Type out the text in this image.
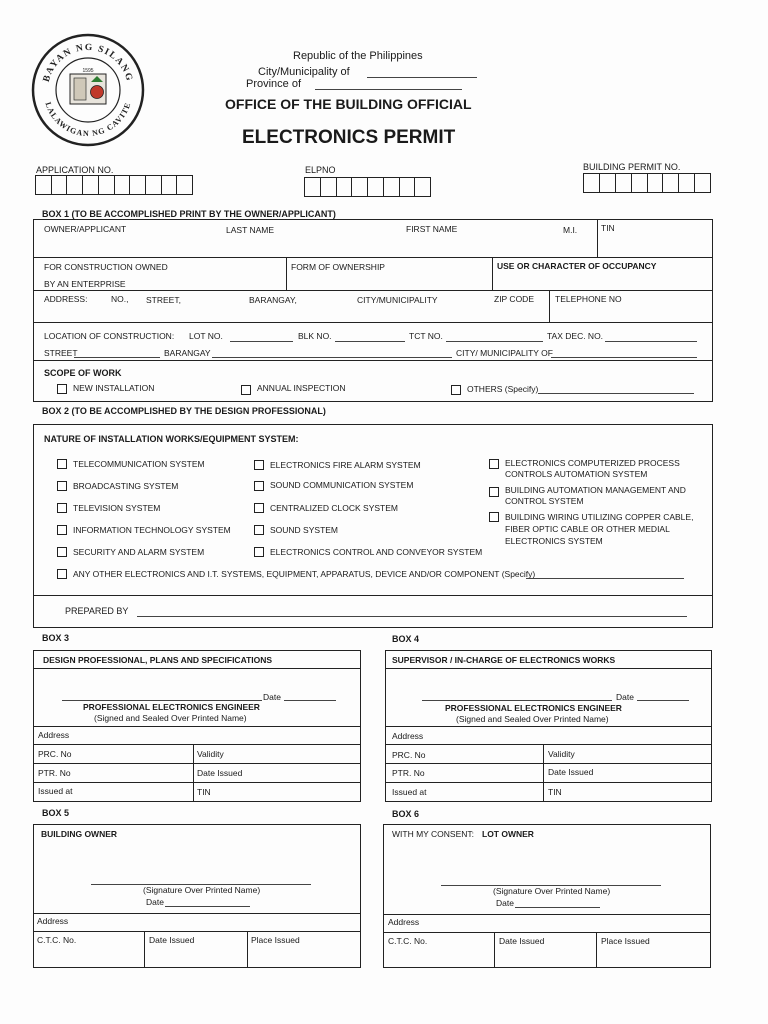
BAYAN NG SILANG
LALAWIGAN NG CAVITE
1595
Republic of the Philippines
City/Municipality of
Province of
OFFICE OF THE BUILDING OFFICIAL
ELECTRONICS PERMIT
APPLICATION NO.	ELPNO	BUILDING PERMIT NO.
BOX 1 (TO BE ACCOMPLISHED PRINT BY THE OWNER/APPLICANT)
OWNER/APPLICANT	LAST NAME	FIRST NAME	M.I.	TIN
FOR CONSTRUCTION OWNED
BY AN ENTERPRISE
FORM OF OWNERSHIP	USE OR CHARACTER OF OCCUPANCY
ADDRESS:	NO., STREET,	BARANGAY,	CITY/MUNICIPALITY	ZIP CODE TELEPHONE NO
LOCATION OF CONSTRUCTION: LOT NO.	BLK NO.	TCT NO.	TAX DEC. NO.
STREET	BARANGAY	CITY/ MUNICIPALITY OF
SCOPE OF WORK
NEW INSTALLATION	ANNUAL INSPECTION	OTHERS (Specify)
BOX 2 (TO BE ACCOMPLISHED BY THE DESIGN PROFESSIONAL)
NATURE OF INSTALLATION WORKS/EQUIPMENT SYSTEM:
TELECOMMUNICATION SYSTEM
BROADCASTING SYSTEM
TELEVISION SYSTEM
INFORMATION TECHNOLOGY SYSTEM
SECURITY AND ALARM SYSTEM
ELECTRONICS FIRE ALARM SYSTEM
SOUND COMMUNICATION SYSTEM
CENTRALIZED CLOCK SYSTEM
SOUND SYSTEM
ELECTRONICS CONTROL AND CONVEYOR SYSTEM
ELECTRONICS COMPUTERIZED PROCESS
CONTROLS AUTOMATION SYSTEM
BUILDING AUTOMATION MANAGEMENT AND
CONTROL SYSTEM
BUILDING WIRING UTILIZING COPPER CABLE,
FIBER OPTIC CABLE OR OTHER MEDIAL
ELECTRONICS SYSTEM
ANY OTHER ELECTRONICS AND I.T. SYSTEMS, EQUIPMENT, APPARATUS, DEVICE AND/OR COMPONENT (Specify)
PREPARED BY
BOX 3
DESIGN PROFESSIONAL, PLANS AND SPECIFICATIONS
Date
PROFESSIONAL ELECTRONICS ENGINEER
(Signed and Sealed Over Printed Name)
Address
PRC. No	Validity
PTR. No	Date Issued
Issued at	TIN
BOX 4
SUPERVISOR / IN-CHARGE OF ELECTRONICS WORKS
Date
PROFESSIONAL ELECTRONICS ENGINEER
(Signed and Sealed Over Printed Name)
Address
PRC. No	Validity
PTR. No	Date Issued
Issued at	TIN
BOX 5
BUILDING OWNER
(Signature Over Printed Name)
Date
Address
C.T.C. No.	Date Issued	Place Issued
BOX 6
WITH MY CONSENT: LOT OWNER
(Signature Over Printed Name)
Date
Address
C.T.C. No.	Date Issued	Place Issued
